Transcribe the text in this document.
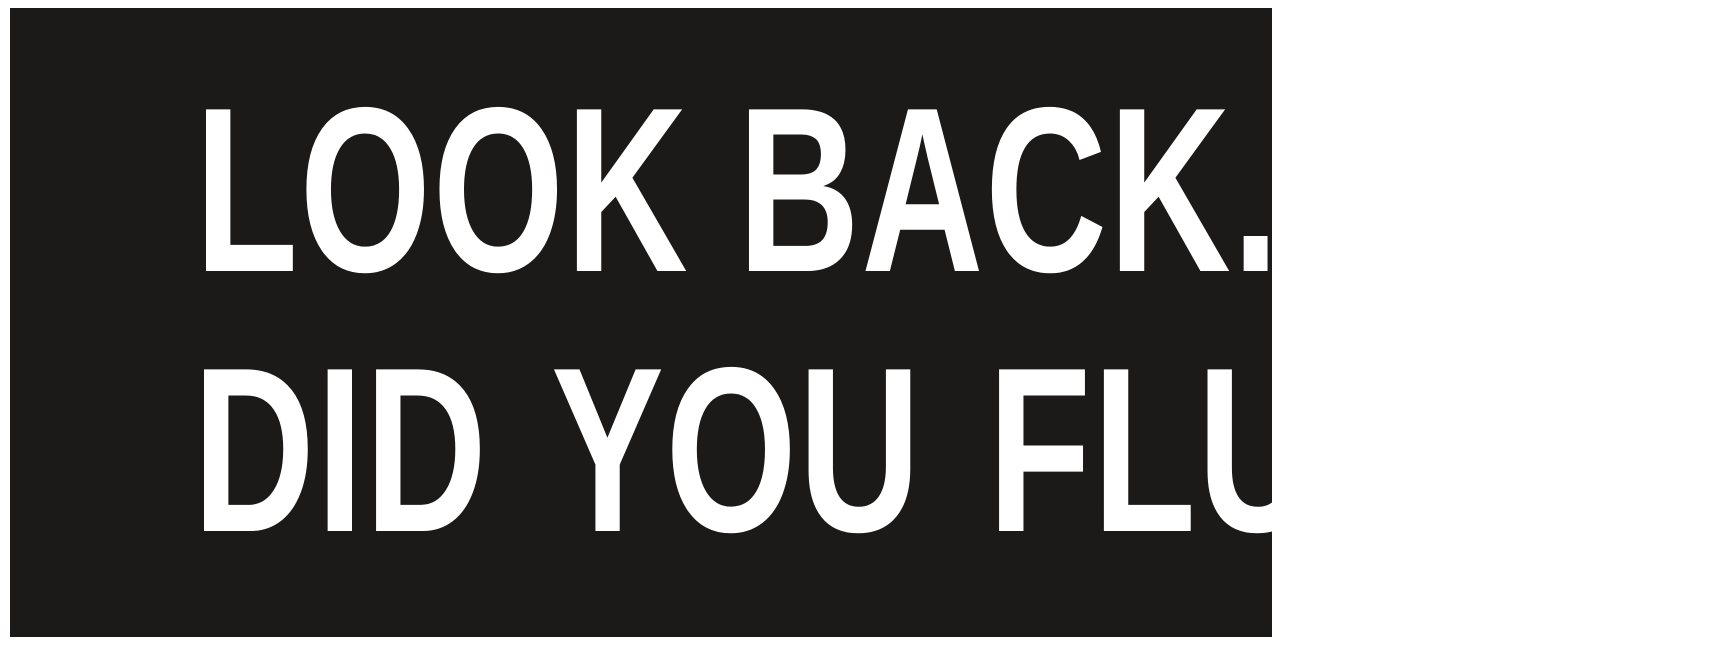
LOOK BACK...
DID YOU FLUSH ?
